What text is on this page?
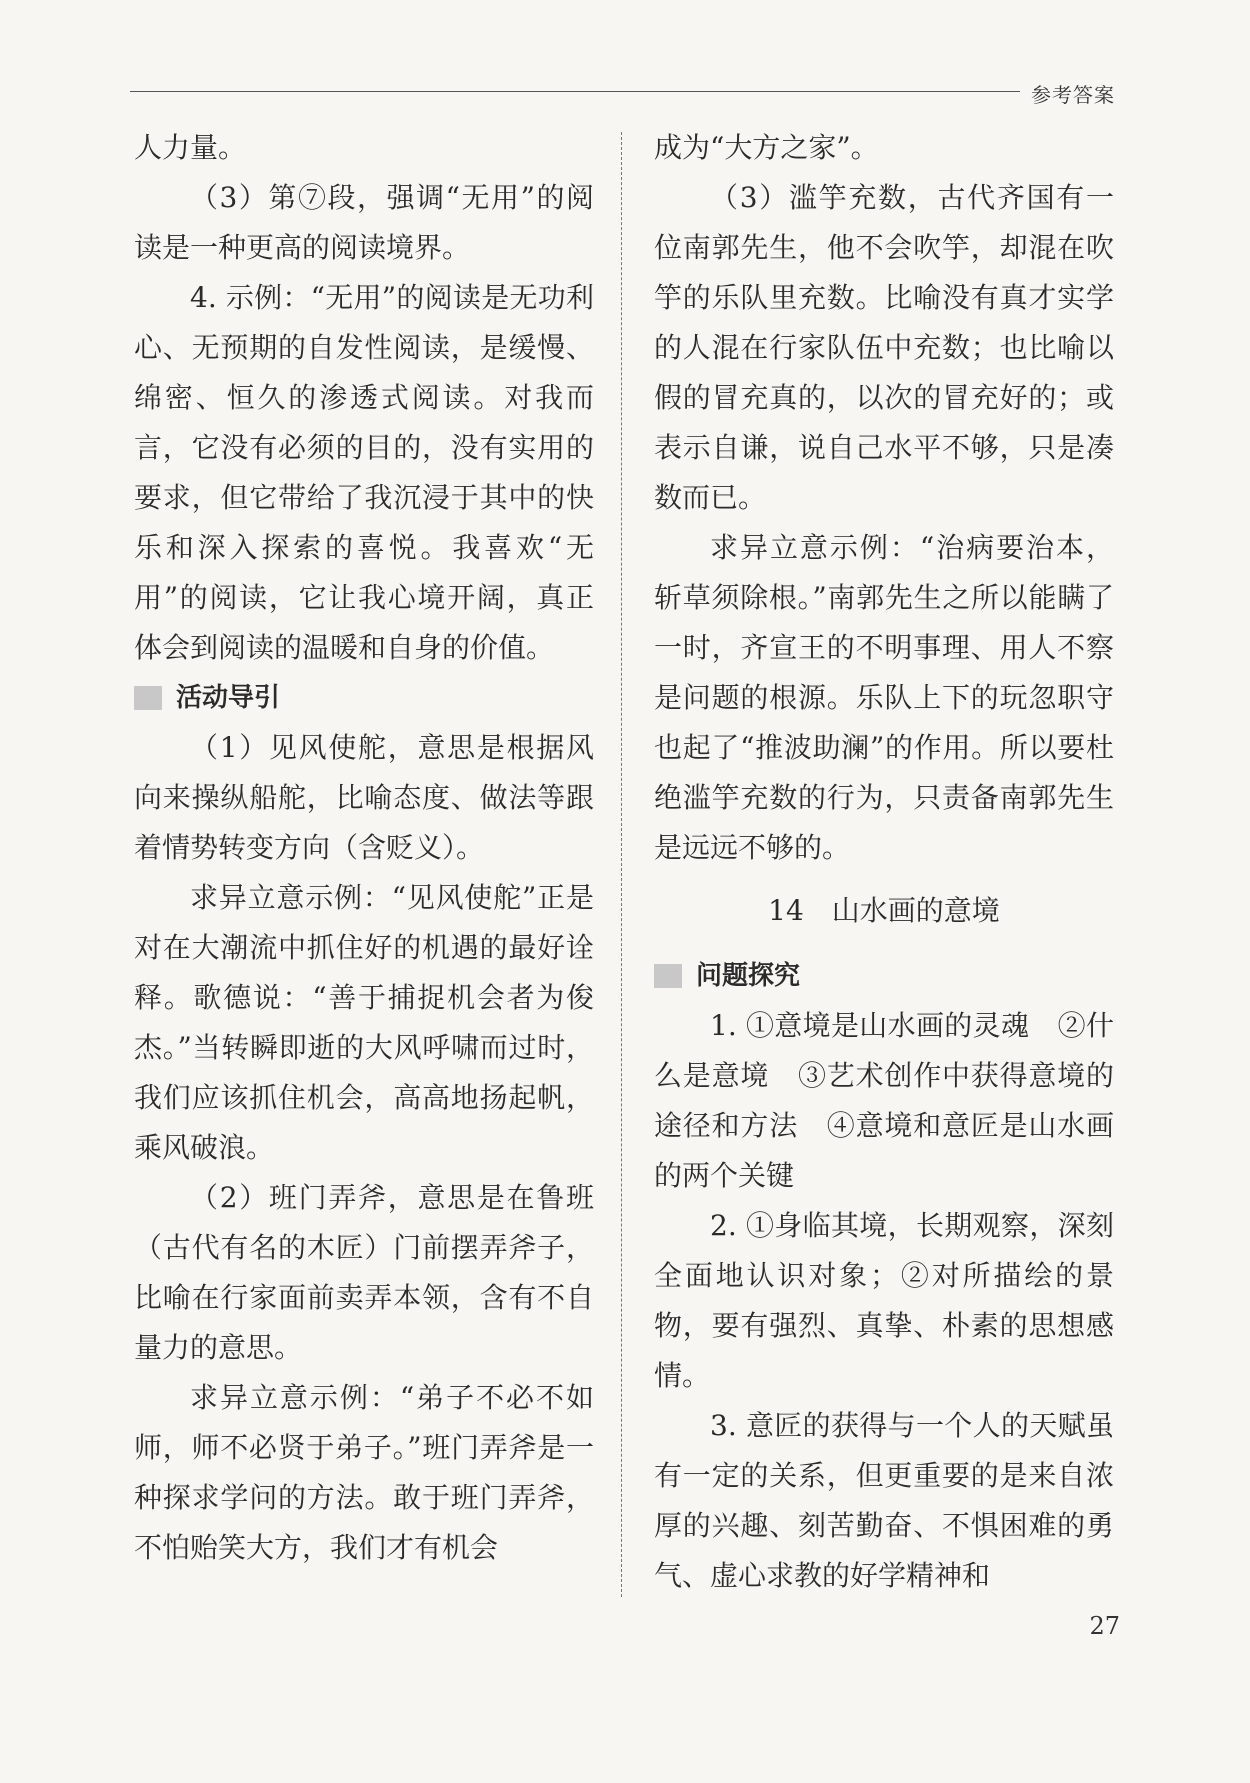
参考答案

人力量。

（3）第⑦段，强调“无用”的阅读是一种更高的阅读境界。

4. 示例：“无用”的阅读是无功利心、无预期的自发性阅读，是缓慢、绵密、恒久的渗透式阅读。对我而言，它没有必须的目的，没有实用的要求，但它带给了我沉浸于其中的快乐和深入探索的喜悦。我喜欢“无用”的阅读，它让我心境开阔，真正体会到阅读的温暖和自身的价值。

活动导引

（1）见风使舵，意思是根据风向来操纵船舵，比喻态度、做法等跟着情势转变方向（含贬义）。

求异立意示例：“见风使舵”正是对在大潮流中抓住好的机遇的最好诠释。歌德说：“善于捕捉机会者为俊杰。”当转瞬即逝的大风呼啸而过时，我们应该抓住机会，高高地扬起帆，乘风破浪。

（2）班门弄斧，意思是在鲁班（古代有名的木匠）门前摆弄斧子，比喻在行家面前卖弄本领，含有不自量力的意思。

求异立意示例：“弟子不必不如师，师不必贤于弟子。”班门弄斧是一种探求学问的方法。敢于班门弄斧，不怕贻笑大方，我们才有机会

成为“大方之家”。

（3）滥竽充数，古代齐国有一位南郭先生，他不会吹竽，却混在吹竽的乐队里充数。比喻没有真才实学的人混在行家队伍中充数；也比喻以假的冒充真的，以次的冒充好的；或表示自谦，说自己水平不够，只是凑数而已。

求异立意示例：“治病要治本，斩草须除根。”南郭先生之所以能瞒了一时，齐宣王的不明事理、用人不察是问题的根源。乐队上下的玩忽职守也起了“推波助澜”的作用。所以要杜绝滥竽充数的行为，只责备南郭先生是远远不够的。

14　山水画的意境
问题探究

1. ①意境是山水画的灵魂　②什么是意境　③艺术创作中获得意境的途径和方法　④意境和意匠是山水画的两个关键

2. ①身临其境，长期观察，深刻全面地认识对象；②对所描绘的景物，要有强烈、真挚、朴素的思想感情。

3. 意匠的获得与一个人的天赋虽有一定的关系，但更重要的是来自浓厚的兴趣、刻苦勤奋、不惧困难的勇气、虚心求教的好学精神和

27
